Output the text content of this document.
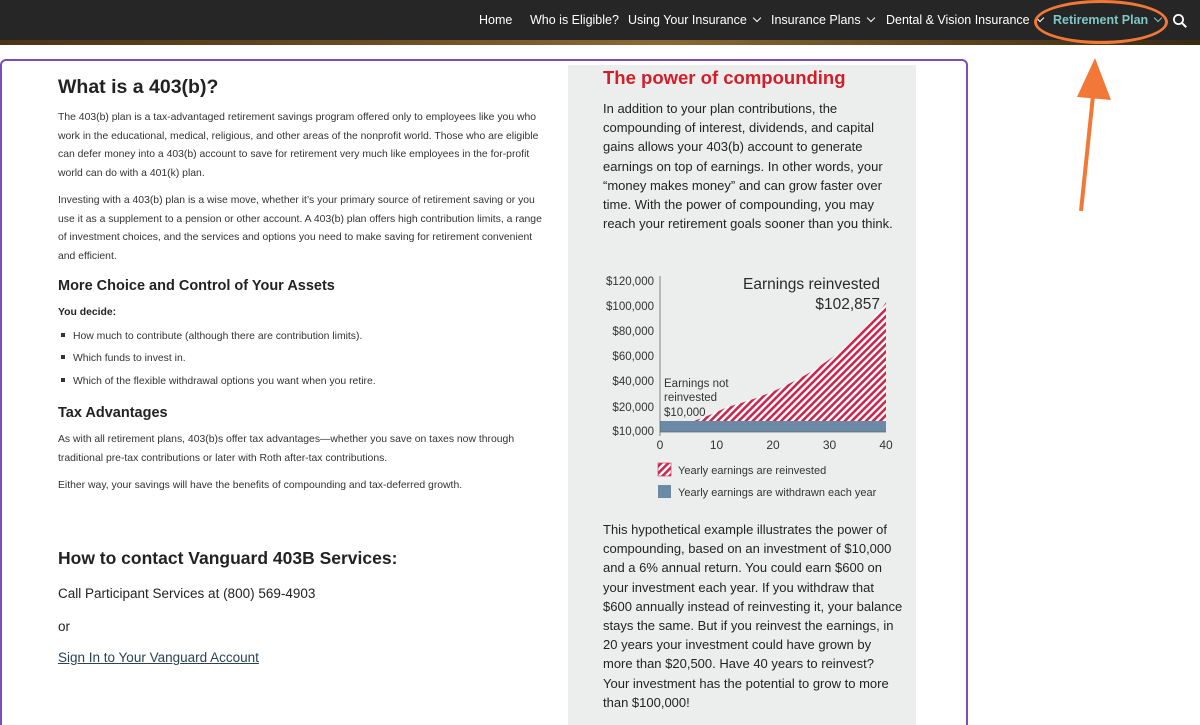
Home Who is Eligible? Using Your Insurance	Insurance Plans	Dental & Vision Insurance	Retirement Plan
What is a 403(b)?

The 403(b) plan is a tax-advantaged retirement savings program offered only to employees like you who work in the educational, medical, religious, and other areas of the nonprofit world. Those who are eligible can defer money into a 403(b) account to save for retirement very much like employees in the for-profit world can do with a 401(k) plan.

Investing with a 403(b) plan is a wise move, whether it’s your primary source of retirement saving or you use it as a supplement to a pension or other account. A 403(b) plan offers high contribution limits, a range of investment choices, and the services and options you need to make saving for retirement convenient and efficient.

More Choice and Control of Your Assets
You decide:
How much to contribute (although there are contribution limits).
Which funds to invest in.
Which of the flexible withdrawal options you want when you retire.
Tax Advantages

As with all retirement plans, 403(b)s offer tax advantages—whether you save on taxes now through traditional pre-tax contributions or later with Roth after-tax contributions.

Either way, your savings will have the benefits of compounding and tax-deferred growth.

How to contact Vanguard 403B Services:
Call Participant Services at (800) 569-4903
or
Sign In to Your Vanguard Account
The power of compounding

In addition to your plan contributions, the compounding of interest, dividends, and capital gains allows your 403(b) account to generate earnings on top of earnings. In other words, your “money makes money” and can grow faster over time. With the power of compounding, you may reach your retirement goals sooner than you think.

$10,000
$20,000
$40,000
$60,000
$80,000
$100,000
$120,000
0	10	20	30	40
Earnings reinvested
$102,857
Earnings not
reinvested
$10,000
Yearly earnings are reinvested
Yearly earnings are withdrawn each year

This hypothetical example illustrates the power of compounding, based on an investment of $10,000 and a 6% annual return. You could earn $600 on your investment each year. If you withdraw that $600 annually instead of reinvesting it, your balance stays the same. But if you reinvest the earnings, in 20 years your investment could have grown by more than $20,500. Have 40 years to reinvest? Your investment has the potential to grow to more than $100,000!
